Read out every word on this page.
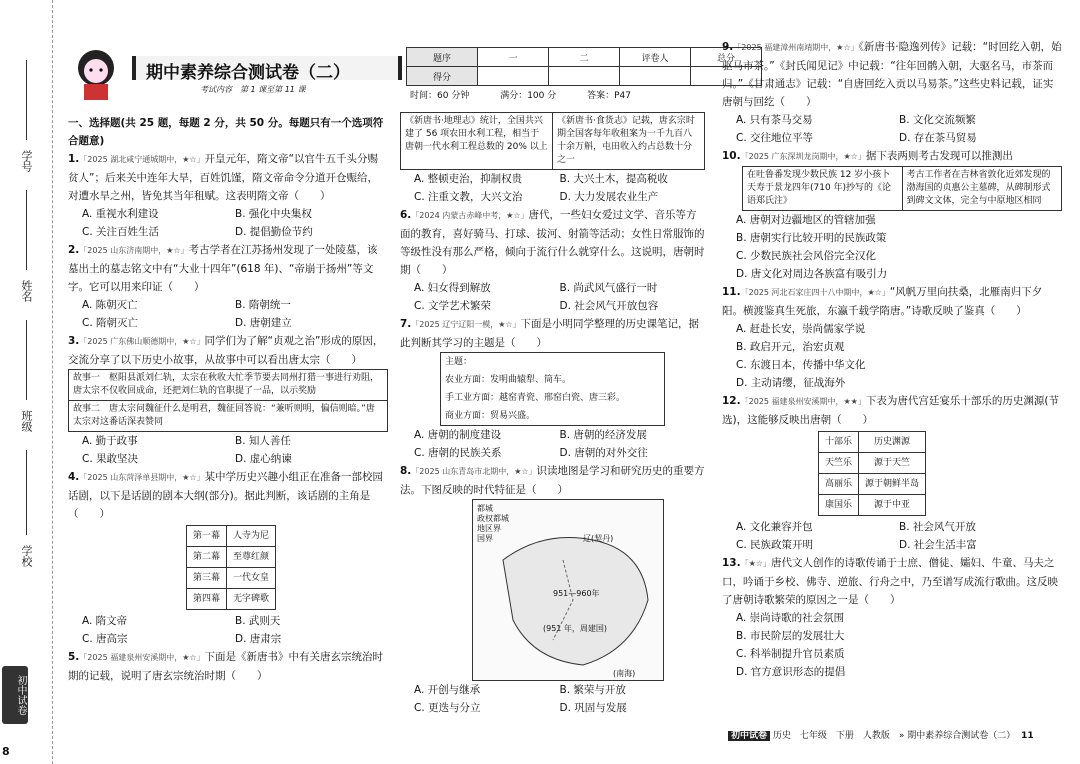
学号
姓名
班级
学校
初中试卷
8
期中素养综合测试卷（二）
考试内容　第 1 课至第 11 课
题序	一	二	评卷人	总分
得分				
时间：60 分钟	满分：100 分	答案：P47

一、选择题(共 25 题，每题 2 分，共 50 分。每题只有一个选项符合题意)

1.「2025 湖北咸宁通城期中，★☆」开皇元年，隋文帝“以官牛五千头分赐贫人”；后来关中连年大旱，百姓饥馑，隋文帝命令分道开仓赈给，对遭水旱之州，皆免其当年租赋。这表明隋文帝（　　）

A. 重视水利建设	B. 强化中央集权
C. 关注百姓生活	D. 提倡勤俭节约

2.「2025 山东济南期中，★☆」考古学者在江苏扬州发现了一处陵墓，该墓出土的墓志铭文中有“大业十四年”(618 年)、“帝崩于扬州”等文字。它可以用来印证（　　）

A. 陈朝灭亡	B. 隋朝统一
C. 隋朝灭亡	D. 唐朝建立

3.「2025 广东佛山顺德期中，★☆」同学们为了解“贞观之治”形成的原因，交流分享了以下历史小故事，从故事中可以看出唐太宗（　　）

故事一　枢阳县派刘仁轨，太宗在秋收大忙季节要去同州打猎一事进行劝阻，唐太宗不仅收回成命，还把刘仁轨的官职提了一品，以示奖励
故事二　唐太宗问魏征什么是明君，魏征回答说：“兼听则明，偏信则暗。”唐太宗对这番话深表赞同
A. 勤于政事	B. 知人善任
C. 果敢坚决	D. 虚心纳谏

4.「2025 山东菏泽单县期中，★☆」某中学历史兴趣小组正在准备一部校园话剧，以下是话剧的剧本大纲(部分)。据此判断，该话剧的主角是（　　）

第一幕	人寺为尼
第二幕	至尊红颜
第三幕	一代女皇
第四幕	无字碑歌
A. 隋文帝	B. 武则天
C. 唐高宗	D. 唐肃宗

5.「2025 福建泉州安溪期中，★☆」下面是《新唐书》中有关唐玄宗统治时期的记载，说明了唐玄宗统治时期（　　）

《新唐书·地理志》统计，全国共兴建了 56 项农田水利工程，相当于唐朝一代水利工程总数的 20% 以上
《新唐书·食货志》记载，唐玄宗时期全国客每年收租案为一千九百八十余万斛，屯田收入约占总数十分之一
A. 整顿吏治，抑制权贵	B. 大兴土木，提高税收
C. 注重文教，大兴文治	D. 大力发展农业生产

6.「2024 内蒙古赤峰中考，★☆」唐代，一些妇女爱过文学、音乐等方面的教育，喜好骑马、打球、拔河、射箭等活动；女性日常服饰的等级性没有那么严格，倾向于流行什么就穿什么。这说明，唐朝时期（　　）

A. 妇女得到解放	B. 尚武风气盛行一时
C. 文学艺术繁荣	D. 社会风气开放包容

7.「2025 辽宁辽阳一模，★☆」下面是小明同学整理的历史课笔记，据此判断其学习的主题是（　　）

主题：
农业方面：发明曲辕犁、筒车。
手工业方面：越窑青瓷、邢窑白瓷、唐三彩。
商业方面：贸易兴盛。
A. 唐朝的制度建设	B. 唐朝的经济发展
C. 唐朝的民族关系	D. 唐朝的对外交往

8.「2025 山东青岛市北期中，★☆」识读地图是学习和研究历史的重要方法。下图反映的时代特征是（　　）

都城
政权都城
地区界
国界	辽(契丹)
951—960年
(951 年，周建国)
(南海)
A. 开创与继承	B. 繁荣与开放
C. 更迭与分立	D. 巩固与发展

9.「2025 福建漳州南靖期中，★☆」《新唐书·隐逸列传》记载：“时回纥入朝，始驱马市茶。”《封氏闻见记》中记载：“往年回鹘入朝，大驱名马，市茶而归。”《甘肃通志》记载：“自唐回纥入贡以马易茶。”这些史料记载，证实唐朝与回纥（　　）

A. 只有茶马交易	B. 文化交流频繁
C. 交往地位平等	D. 存在茶马贸易

10.「2025 广东深圳龙岗期中，★☆」据下表两则考古发现可以推测出

在吐鲁番发现少数民族 12 岁小孩卜天寿于景龙四年(710 年)抄写的《论语郑氏注》
考古工作者在吉林省敦化近郊发现的渤海国的贞惠公主墓碑，从碑制形式到碑文文体，完全与中原地区相同
A. 唐朝对边疆地区的管辖加强
B. 唐朝实行比较开明的民族政策
C. 少数民族社会风俗完全汉化
D. 唐文化对周边各族富有吸引力

11.「2025 河北石家庄四十八中期中，★☆」“风帆万里向扶桑，北雁南归下夕阳。横渡鉴真生死旅，东瀛千载学隋唐。”诗歌反映了鉴真（　　）

A. 赶赴长安，崇尚儒家学说
B. 政启开元，治宏贞观
C. 东渡日本，传播中华文化
D. 主动请缨，征战海外

12.「2025 福建泉州安溪期中，★★」下表为唐代宫廷宴乐十部乐的历史渊源(节选)，这能够反映出唐朝（　　）

十部乐	历史渊源
天竺乐	源于天竺
高丽乐	源于朝鲜半岛
康国乐	源于中亚
A. 文化兼容并包	B. 社会风气开放
C. 民族政策开明	D. 社会生活丰富

13.「★☆」唐代文人创作的诗歌传诵于士庶、僧徒、孀妇、牛童、马夫之口，吟诵于乡校、佛寺、逆旅、行舟之中，乃至谱写成流行歌曲。这反映了唐朝诗歌繁荣的原因之一是（　　）

A. 崇尚诗歌的社会氛围
B. 市民阶层的发展壮大
C. 科举制提升官员素质
D. 官方意识形态的提倡
初中试卷 历史　七年级　下册　人教版　» 期中素养综合测试卷（二） 11
